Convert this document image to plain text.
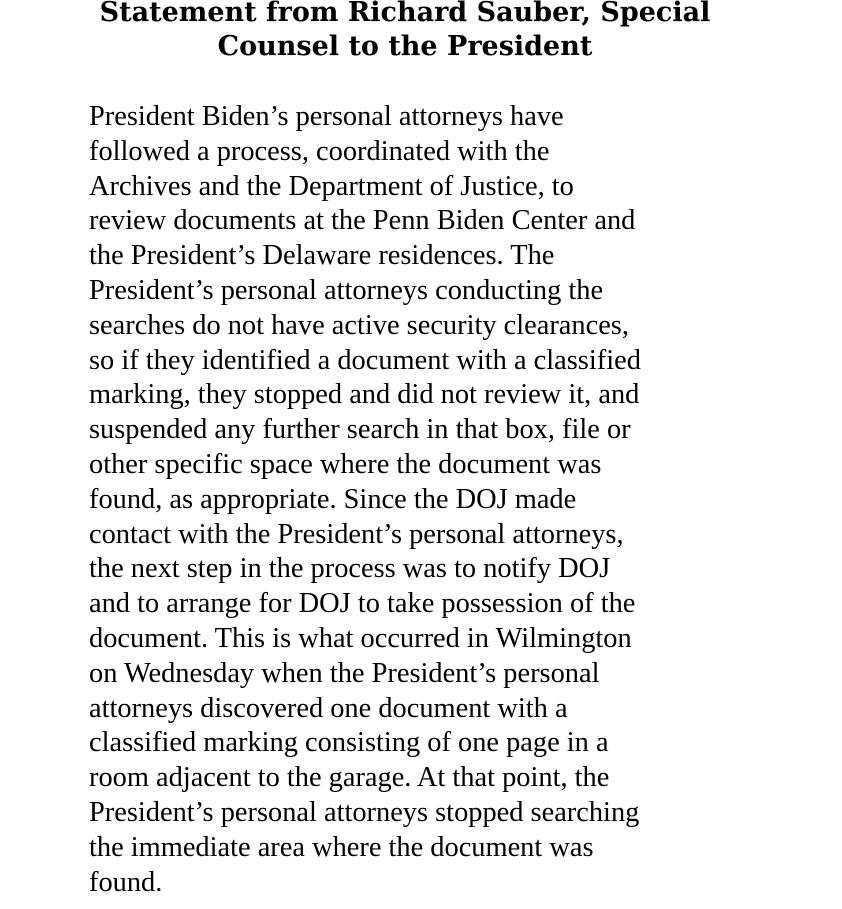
Statement from Richard Sauber, Special
Counsel to the President
President Biden’s personal attorneys have
followed a process, coordinated with the
Archives and the Department of Justice, to
review documents at the Penn Biden Center and
the President’s Delaware residences. The
President’s personal attorneys conducting the
searches do not have active security clearances,
so if they identified a document with a classified
marking, they stopped and did not review it, and
suspended any further search in that box, file or
other specific space where the document was
found, as appropriate. Since the DOJ made
contact with the President’s personal attorneys,
the next step in the process was to notify DOJ
and to arrange for DOJ to take possession of the
document. This is what occurred in Wilmington
on Wednesday when the President’s personal
attorneys discovered one document with a
classified marking consisting of one page in a
room adjacent to the garage. At that point, the
President’s personal attorneys stopped searching
the immediate area where the document was
found.
